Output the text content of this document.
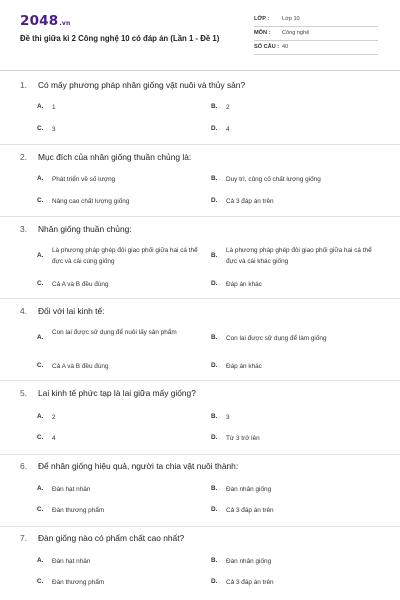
2048.vn
Đề thi giữa kì 2 Công nghệ 10 có đáp án (Lần 1 - Đề 1)
LỚP : Lớp 10
MÔN : Công nghệ
SỐ CÂU : 40
1. Có mấy phương pháp nhân giống vật nuôi và thủy sản?
A. 1	B. 2
C. 3	D. 4
2. Mục đích của nhân giống thuần chủng là:
A. Phát triển về số lượng	B. Duy trì, củng cố chất lượng giống
C. Nâng cao chất lượng giống	D. Cả 3 đáp án trên
3. Nhân giống thuần chủng:
A.
Là phương pháp ghép đôi giao phối giữa hai cá thể đực và cái cùng giống
B.
Là phương pháp ghép đôi giao phối giữa hai cá thể đực và cái khác giống
C. Cả A và B đều đúng	D. Đáp án khác
4. Đối với lai kinh tế:
A.
Con lai được sử dụng để nuôi lấy sản phẩm
B. Con lai được sử dụng để làm giống
C. Cả A và B đều đúng	D. Đáp án khác
5. Lai kinh tế phức tạp là lai giữa mấy giống?
A. 2	B. 3
C. 4	D. Từ 3 trở lên
6. Để nhân giống hiệu quả, người ta chia vật nuôi thành:
A. Đàn hạt nhân	B. Đàn nhân giống
C. Đàn thương phẩm	D. Cả 3 đáp án trên
7. Đàn giống nào có phẩm chất cao nhất?
A. Đàn hạt nhân	B. Đàn nhân giống
C. Đàn thương phẩm	D. Cả 3 đáp án trên
